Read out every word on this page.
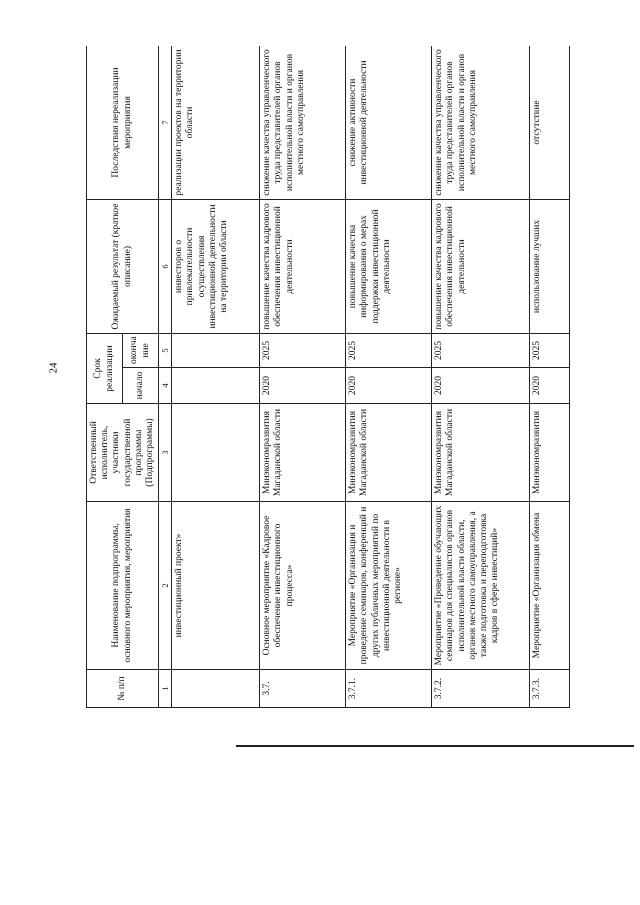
24
№ п/п	Наименование подпрограммы, основного мероприятия, мероприятия	Ответственный исполнитель, участники государственной программы (Подпрограммы)	Срок реализации		Ожидаемый результат (краткое описание)	Последствия нереализации мероприятия
			начало	оконча ние		
1	2	3	4	5	6	7
	инвестиционный проект»				инвесторов о привлекательности осуществления инвестиционной деятельности на территории области	реализации проектов на территории области
3.7.	Основное мероприятие «Кадровое обеспечение инвестиционного процесса»	Минэкономразвития Магаданской области	2020	2025	повышение качества кадрового обеспечения инвестиционной деятельности	снижение качества управленческого труда представителей органов исполнительной власти и органов местного самоуправления
3.7.1.	Мероприятие «Организация и проведение семинаров, конференций и других публичных мероприятий по инвестиционной деятельности в регионе»	Минэкономразвития Магаданской области	2020	2025	повышение качества информирования о мерах поддержки инвестиционной деятельности	снижение активности инвестиционной деятельности
3.7.2.	Мероприятие «Проведение обучающих семинаров для специалистов органов исполнительной власти области, органов местного самоуправления, а также подготовка и переподготовка кадров в сфере инвестиций»	Минэкономразвития Магаданской области	2020	2025	повышение качества кадрового обеспечения инвестиционной деятельности	снижение качества управленческого труда представителей органов исполнительной власти и органов местного самоуправления
3.7.3.	Мероприятие «Организация обмена	Минэкономразвития	2020	2025	использование лучших	отсутствие
